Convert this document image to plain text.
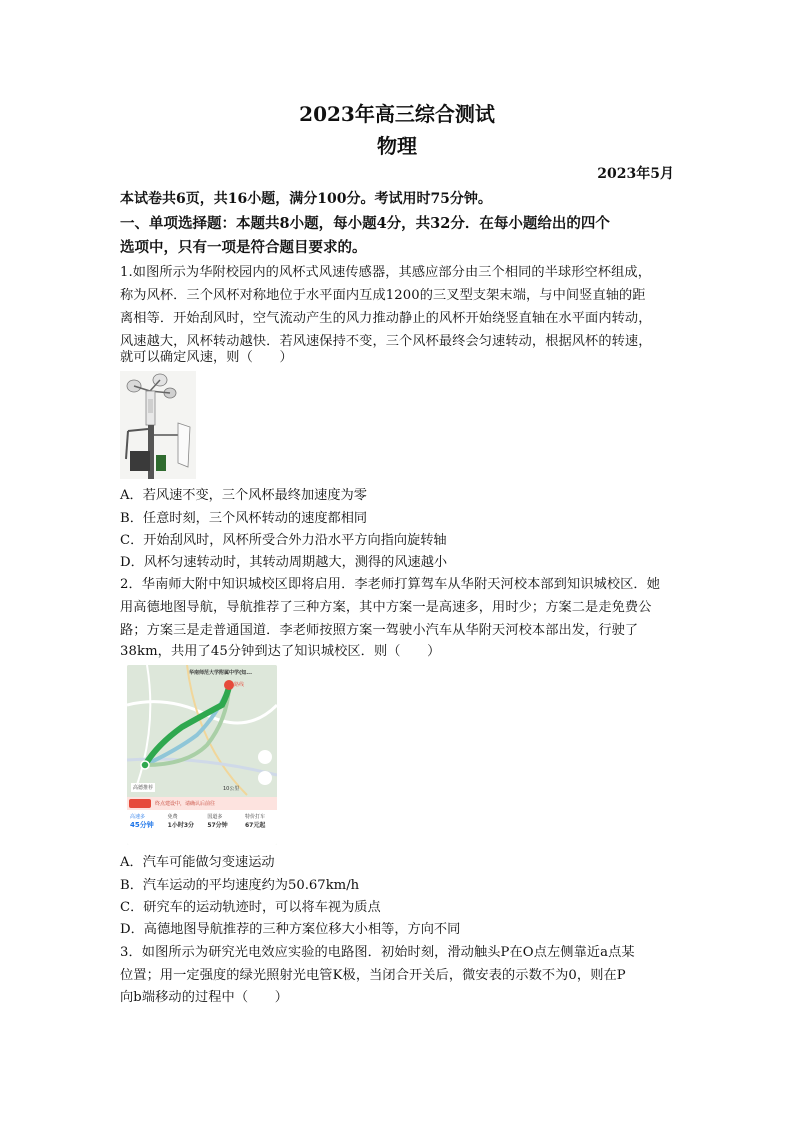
2023年高三综合测试
物理
2023年5月
本试卷共6页，共16小题，满分100分。考试用时75分钟。
一、单项选择题：本题共8小题，每小题4分，共32分．在每小题给出的四个
选项中，只有一项是符合题目要求的。
1.如图所示为华附校园内的风杯式风速传感器，其感应部分由三个相同的半球形空杯组成，
称为风杯．三个风杯对称地位于水平面内互成1200的三叉型支架末端，与中间竖直轴的距
离相等．开始刮风时，空气流动产生的风力推动静止的风杯开始绕竖直轴在水平面内转动，
风速越大，风杯转动越快．若风速保持不变，三个风杯最终会匀速转动，根据风杯的转速，
就可以确定风速，则（　　）
A．若风速不变，三个风杯最终加速度为零
B．任意时刻，三个风杯转动的速度都相同
C．开始刮风时，风杯所受合外力沿水平方向指向旋转轴
D．风杯匀速转动时，其转动周期越大，测得的风速越小
2．华南师大附中知识城校区即将启用．李老师打算驾车从华附天河校本部到知识城校区．她
用高德地图导航，导航推荐了三种方案，其中方案一是高速多，用时少；方案二是走免费公
路；方案三是走普通国道．李老师按照方案一驾驶小汽车从华附天河校本部出发，行驶了
38km，共用了45分钟到达了知识城校区．则（　　）
华南师范大学附属中学(知...
路线
高德推荐	10公里
终点建设中，请确认后前往
高速多
45分钟
免费
1小时3分
国道多
57分钟
特价打车
67元起
A．汽车可能做匀变速运动
B．汽车运动的平均速度约为50.67km/h
C．研究车的运动轨迹时，可以将车视为质点
D．高德地图导航推荐的三种方案位移大小相等，方向不同
3．如图所示为研究光电效应实验的电路图．初始时刻，滑动触头P在O点左侧靠近a点某
位置；用一定强度的绿光照射光电管K极，当闭合开关后，微安表的示数不为0，则在P
向b端移动的过程中（　　）
